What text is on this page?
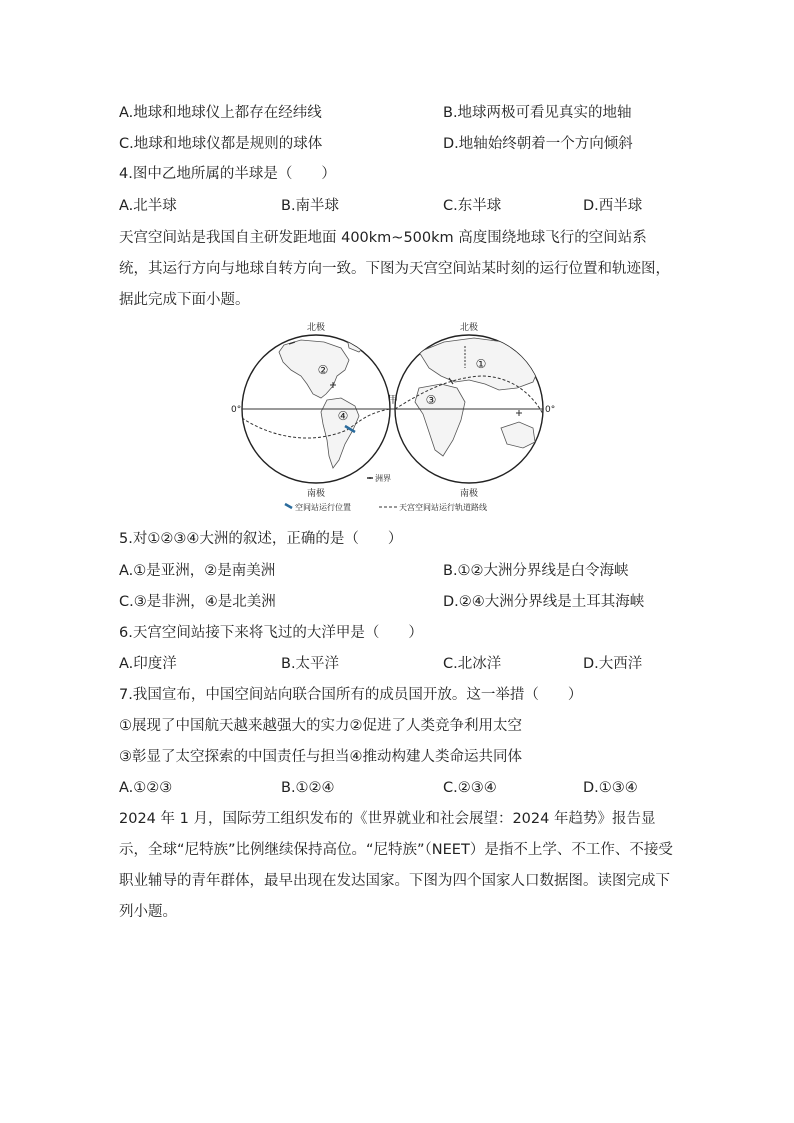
A.地球和地球仪上都存在经纬线	B.地球两极可看见真实的地轴
C.地球和地球仪都是规则的球体	D.地轴始终朝着一个方向倾斜
4.图中乙地所属的半球是（　　）
A.北半球	B.南半球	C.东半球	D.西半球
天宫空间站是我国自主研发距地面 400km~500km 高度围绕地球飞行的空间站系统，其运行方向与地球自转方向一致。下图为天宫空间站某时刻的运行位置和轨迹图，据此完成下面小题。
北极	北极
南极	南极
0°	0°
甲
①
②
③
④
洲界
空间站运行位置	天宫空间站运行轨道路线
5.对①②③④大洲的叙述，正确的是（　　）
A.①是亚洲，②是南美洲	B.①②大洲分界线是白令海峡
C.③是非洲，④是北美洲	D.②④大洲分界线是土耳其海峡
6.天宫空间站接下来将飞过的大洋甲是（　　）
A.印度洋	B.太平洋	C.北冰洋	D.大西洋
7.我国宣布，中国空间站向联合国所有的成员国开放。这一举措（　　）
①展现了中国航天越来越强大的实力②促进了人类竞争利用太空
③彰显了太空探索的中国责任与担当④推动构建人类命运共同体
A.①②③	B.①②④	C.②③④	D.①③④
2024 年 1 月，国际劳工组织发布的《世界就业和社会展望：2024 年趋势》报告显示，全球“尼特族”比例继续保持高位。“尼特族”（NEET）是指不上学、不工作、不接受职业辅导的青年群体，最早出现在发达国家。下图为四个国家人口数据图。读图完成下列小题。
